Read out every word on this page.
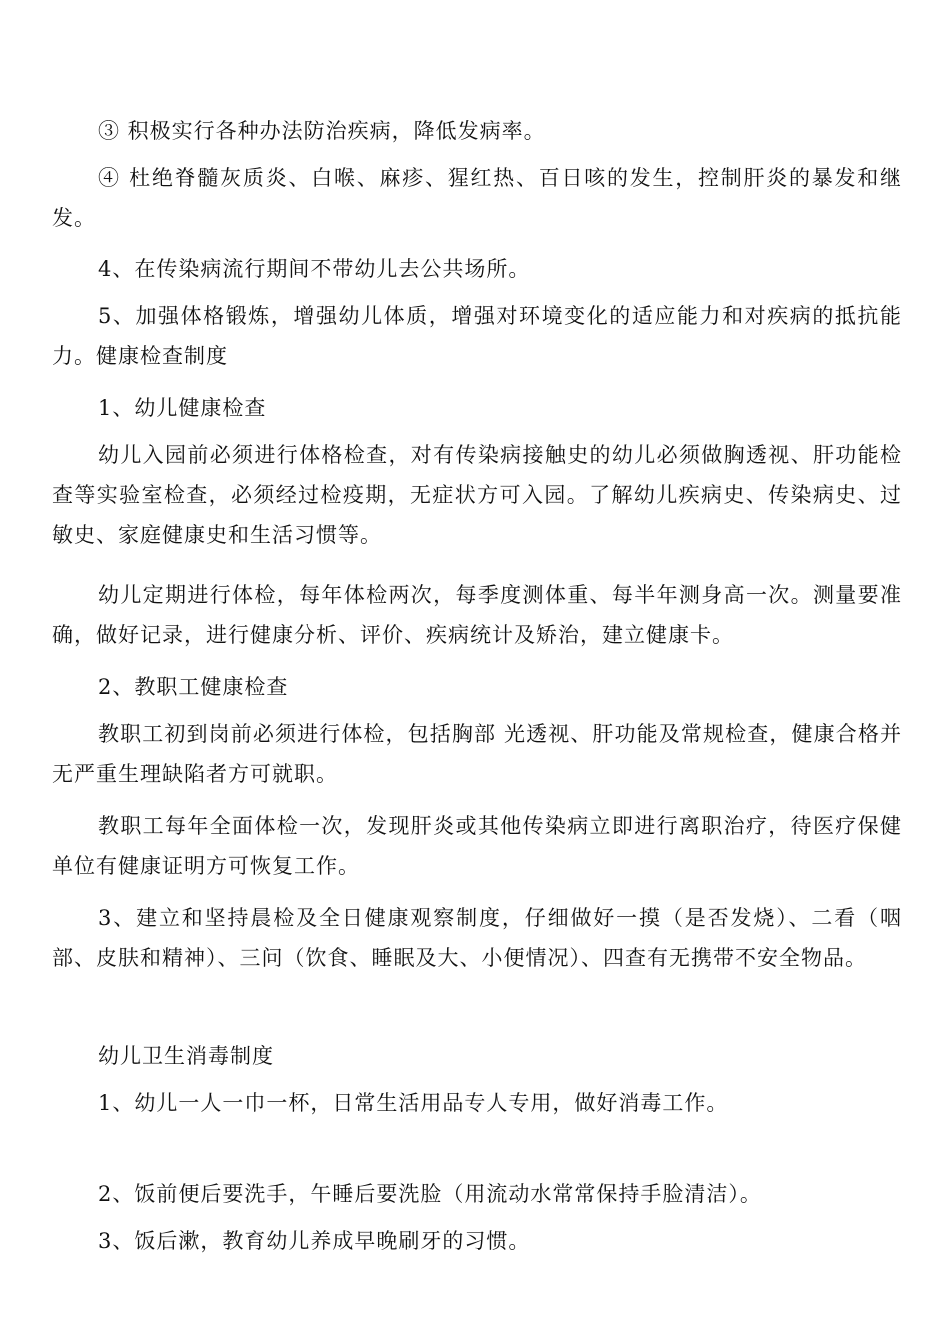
③ 积极实行各种办法防治疾病，降低发病率。

④ 杜绝脊髓灰质炎、白喉、麻疹、猩红热、百日咳的发生，控制肝炎的暴发和继发。

4、在传染病流行期间不带幼儿去公共场所。

5、加强体格锻炼，增强幼儿体质，增强对环境变化的适应能力和对疾病的抵抗能力。健康检查制度

1、幼儿健康检查

幼儿入园前必须进行体格检查，对有传染病接触史的幼儿必须做胸透视、肝功能检查等实验室检查，必须经过检疫期，无症状方可入园。了解幼儿疾病史、传染病史、过敏史、家庭健康史和生活习惯等。

幼儿定期进行体检，每年体检两次，每季度测体重、每半年测身高一次。测量要准确，做好记录，进行健康分析、评价、疾病统计及矫治，建立健康卡。

2、教职工健康检查

教职工初到岗前必须进行体检，包括胸部 光透视、肝功能及常规检查，健康合格并无严重生理缺陷者方可就职。

教职工每年全面体检一次，发现肝炎或其他传染病立即进行离职治疗，待医疗保健单位有健康证明方可恢复工作。

3、建立和坚持晨检及全日健康观察制度，仔细做好一摸（是否发烧）、二看（咽部、皮肤和精神）、三问（饮食、睡眠及大、小便情况）、四查有无携带不安全物品。

幼儿卫生消毒制度

1、幼儿一人一巾一杯，日常生活用品专人专用，做好消毒工作。

2、饭前便后要洗手，午睡后要洗脸（用流动水常常保持手脸清洁）。

3、饭后漱，教育幼儿养成早晚刷牙的习惯。
